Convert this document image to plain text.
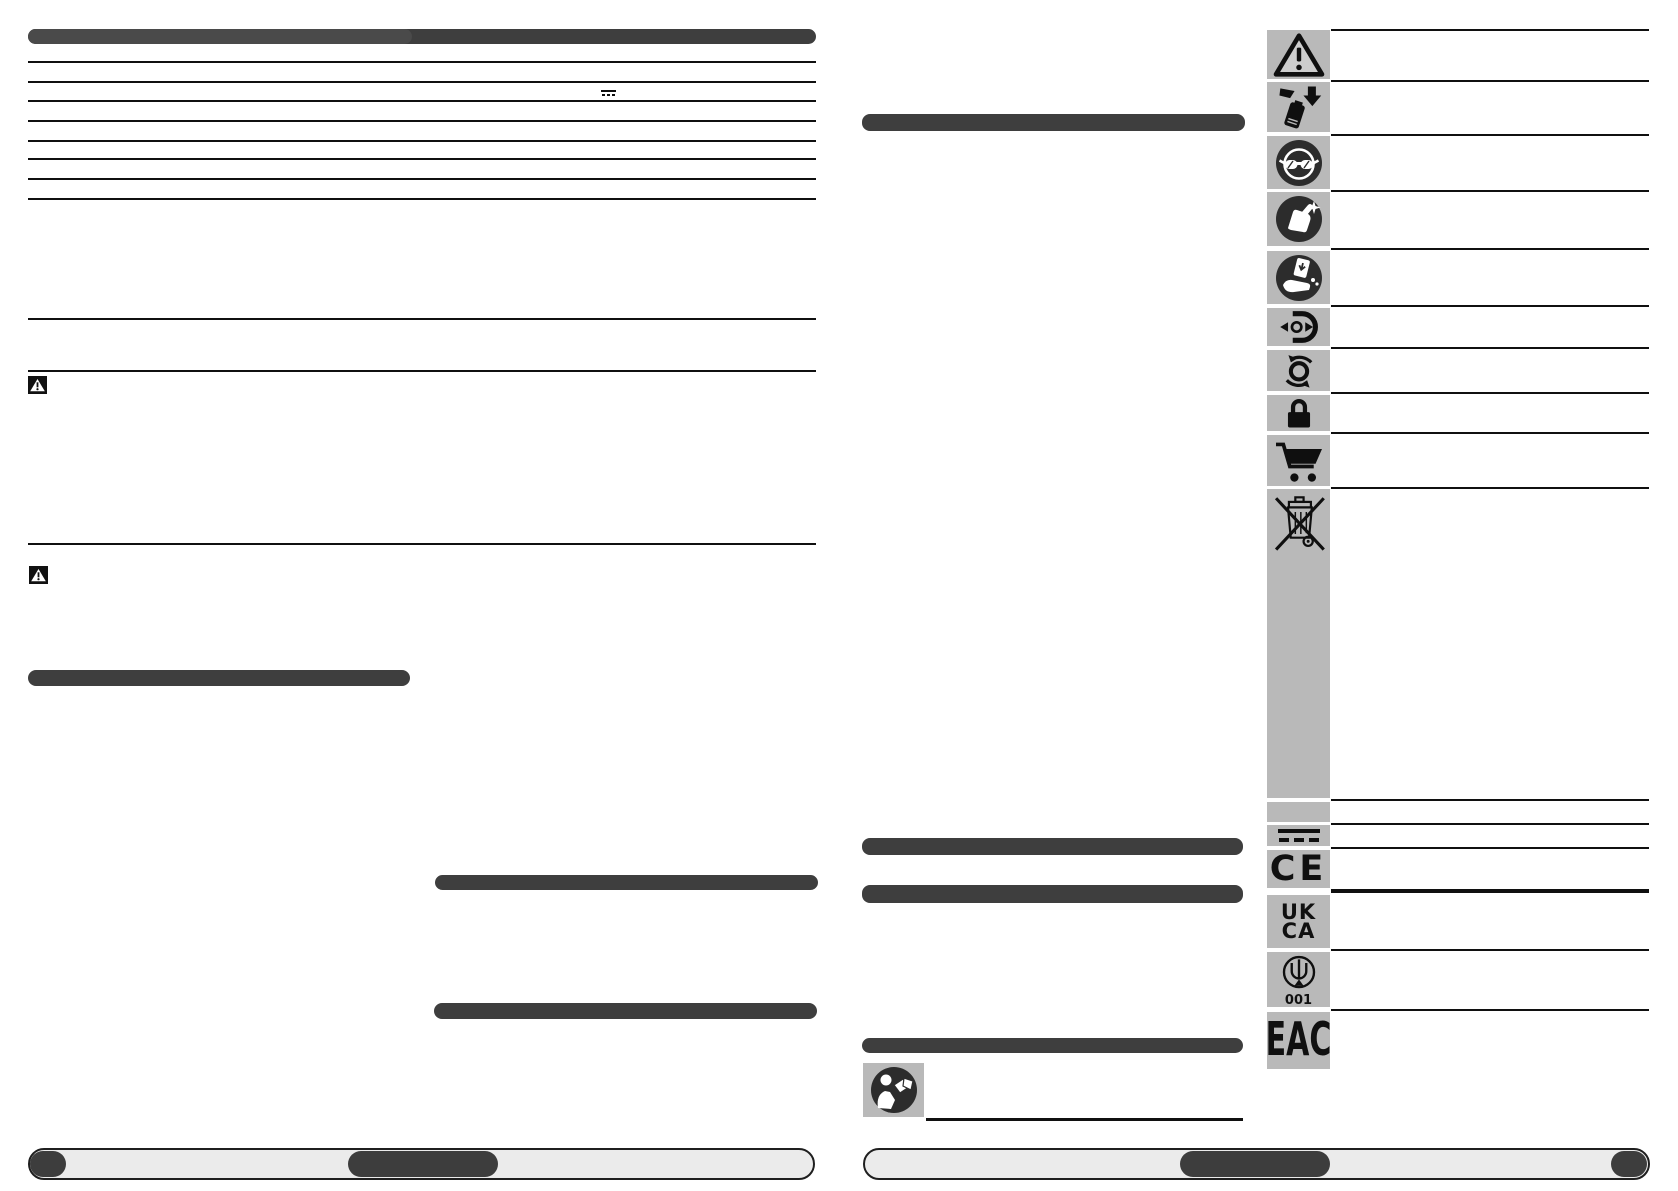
CE
UK
CA
001
EAC
